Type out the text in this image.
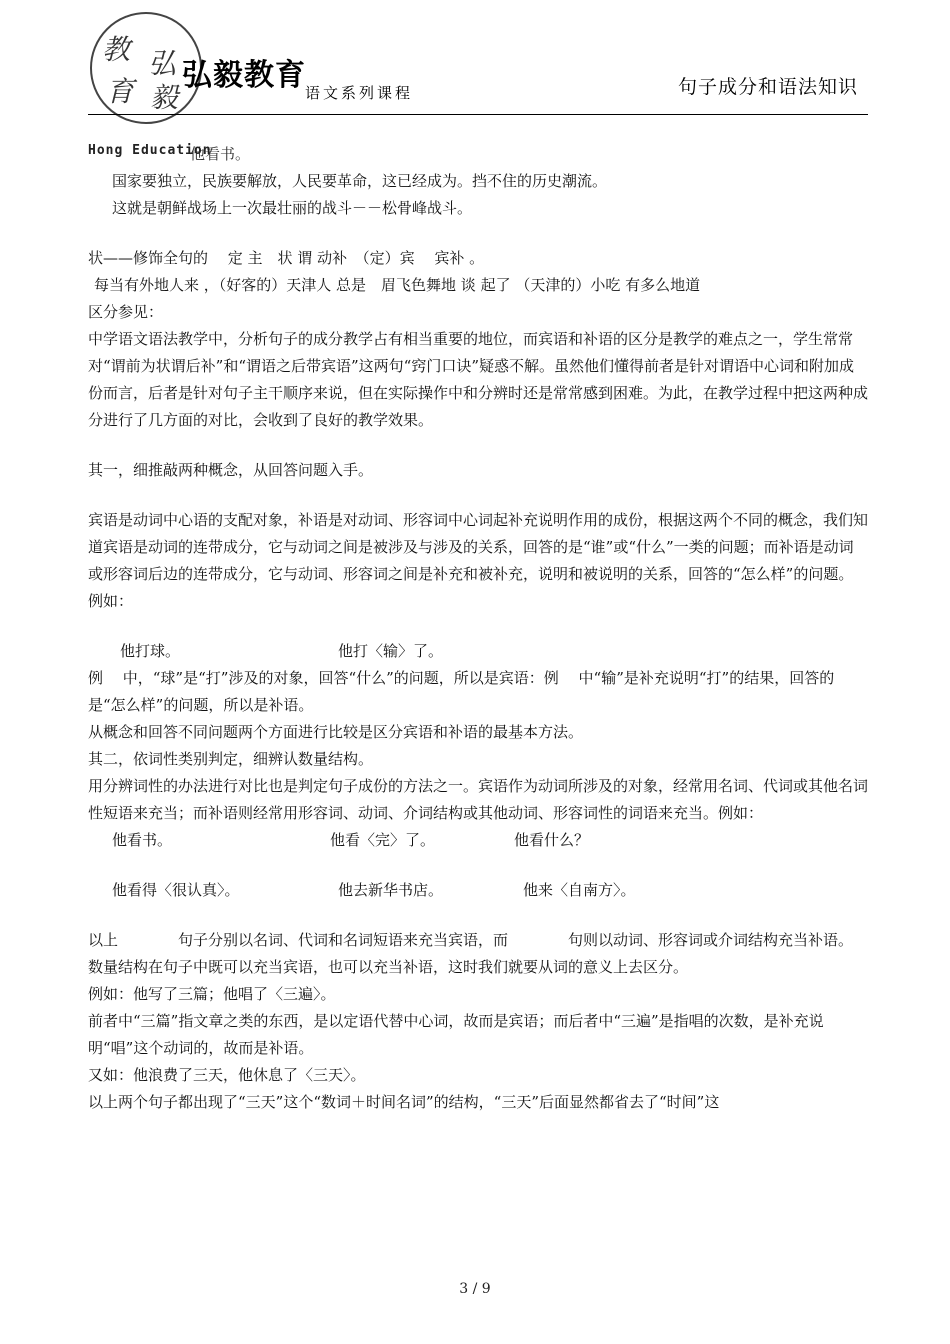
教
育
弘
毅
弘毅教育 语文系列课程	句子成分和语法知识
他看书。
Hong Education

国家要独立，民族要解放，人民要革命，这已经成为。挡不住的历史潮流。

这就是朝鲜战场上一次最壮丽的战斗－－松骨峰战斗。

状——修饰全句的　 定 主　状 谓 动补　（定）宾　 宾补 。

每当有外地人来 ，（好客的）天津人 总是　眉飞色舞地 谈 起了 （天津的）小吃 有多么地道

区分参见：

中学语文语法教学中，分析句子的成分教学占有相当重要的地位，而宾语和补语的区分是教学的难点之一，学生常常对“谓前为状谓后补”和“谓语之后带宾语”这两句“窍门口诀”疑惑不解。虽然他们懂得前者是针对谓语中心词和附加成份而言，后者是针对句子主干顺序来说，但在实际操作中和分辨时还是常常感到困难。为此，在教学过程中把这两种成分进行了几方面的对比，会收到了良好的教学效果。

其一，细推敲两种概念，从回答问题入手。

宾语是动词中心语的支配对象，补语是对动词、形容词中心词起补充说明作用的成份，根据这两个不同的概念，我们知道宾语是动词的连带成分，它与动词之间是被涉及与涉及的关系，回答的是“谁”或“什么”一类的问题；而补语是动词或形容词后边的连带成分，它与动词、形容词之间是补充和被补充，说明和被说明的关系，回答的“怎么样”的问题。例如：

他打球。	他打〈输〉了。

例　 中，“球”是“打”涉及的对象，回答“什么”的问题，所以是宾语：例　 中“输”是补充说明“打”的结果，回答的是“怎么样”的问题，所以是补语。

从概念和回答不同问题两个方面进行比较是区分宾语和补语的最基本方法。

其二，依词性类别判定，细辨认数量结构。

用分辨词性的办法进行对比也是判定句子成份的方法之一。宾语作为动词所涉及的对象，经常用名词、代词或其他名词性短语来充当；而补语则经常用形容词、动词、介词结构或其他动词、形容词性的词语来充当。例如：

他看书。	他看〈完〉了。	他看什么？
他看得〈很认真〉。	他去新华书店。	他来〈自南方〉。

以上　　　　句子分别以名词、代词和名词短语来充当宾语，而　　　　句则以动词、形容词或介词结构充当补语。

数量结构在句子中既可以充当宾语，也可以充当补语，这时我们就要从词的意义上去区分。

例如：他写了三篇；他唱了〈三遍〉。

前者中“三篇”指文章之类的东西，是以定语代替中心词，故而是宾语；而后者中“三遍”是指唱的次数，是补充说明“唱”这个动词的，故而是补语。

又如：他浪费了三天，他休息了〈三天〉。

以上两个句子都出现了“三天”这个“数词＋时间名词”的结构，“三天”后面显然都省去了“时间”这

3 / 9
